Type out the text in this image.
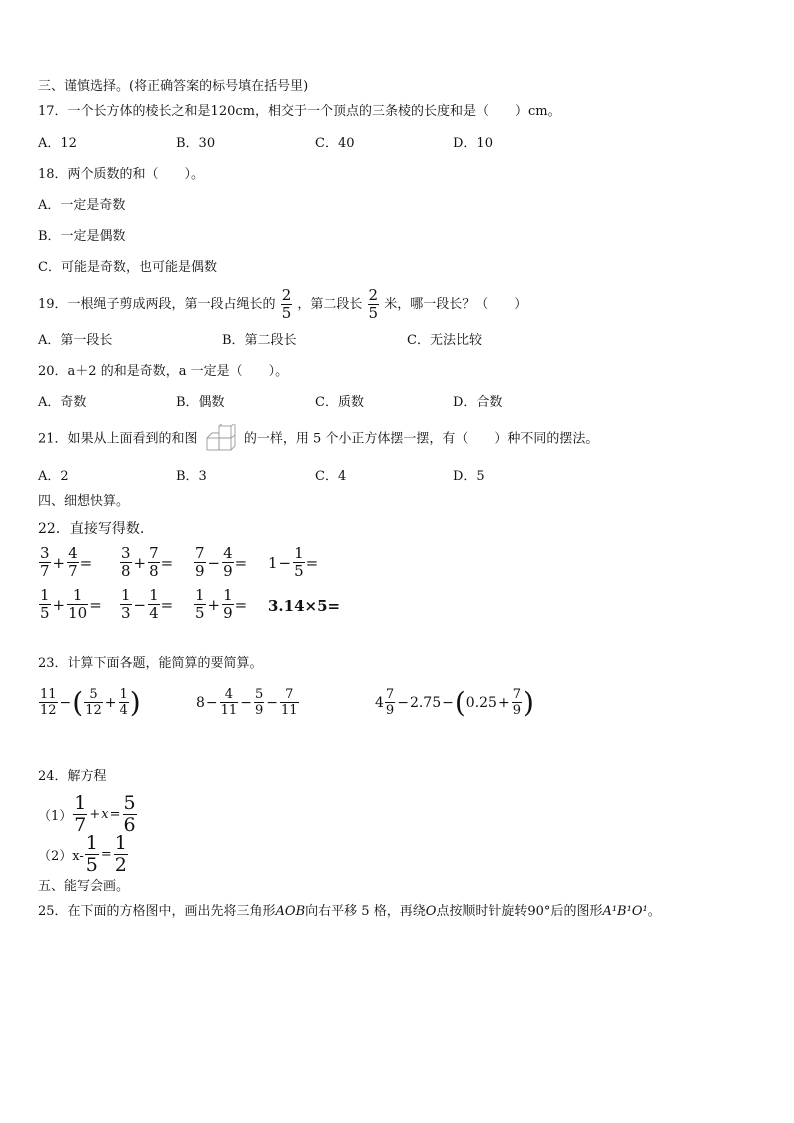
三、谨慎选择。(将正确答案的标号填在括号里)
17．一个长方体的棱长之和是120cm，相交于一个顶点的三条棱的长度和是（　　）cm。
A．12	B．30	C．40	D．10
18．两个质数的和（　　）。
A．一定是奇数
B．一定是偶数
C．可能是奇数，也可能是偶数
19．一根绳子剪成两段，第一段占绳长的 $\frac{2}{5}$ ，第二段长 $\frac{2}{5}$ 米，哪一段长？（　　）
A．第一段长	B．第二段长	C．无法比较
20．a＋2 的和是奇数，a 一定是（　　）。
A．奇数	B．偶数	C．质数	D．合数
21．如果从上面看到的和图	的一样，用 5 个小正方体摆一摆，有（　　）种不同的摆法。
A．2	B．3	C．4	D．5
四、细想快算。
22．直接写得数.
$\frac{3}{7} + \frac{4}{7} = \frac{3}{8} + \frac{7}{8} = \frac{7}{9} - \frac{4}{9} = 1 - \frac{1}{5}$ =
$\frac{1}{5} + \frac{1}{10} = \frac{1}{3} - \frac{1}{4} = \frac{1}{5} + \frac{1}{9} = 3.14\times 5=$
23．计算下面各题，能简算的要简算。
$\frac{11}{12}$ − ( $\frac{5}{12} + \frac{1}{4}$ )	$8 - \frac{4}{11} - \frac{5}{9} - \frac{7}{11}$	$4 \frac{7}{9} - 2.75$ − ( $0.25 + \frac{7}{9}$ )
24．解方程
$(1) \frac{1}{7} + x = \frac{5}{6}$
$(2)x- \frac{1}{5} = \frac{1}{2}$
五、能写会画。
25．在下面的方格图中，画出先将三角形AOB向右平移 5 格，再绕O点按顺时针旋转90°后的图形A¹B¹O¹。
